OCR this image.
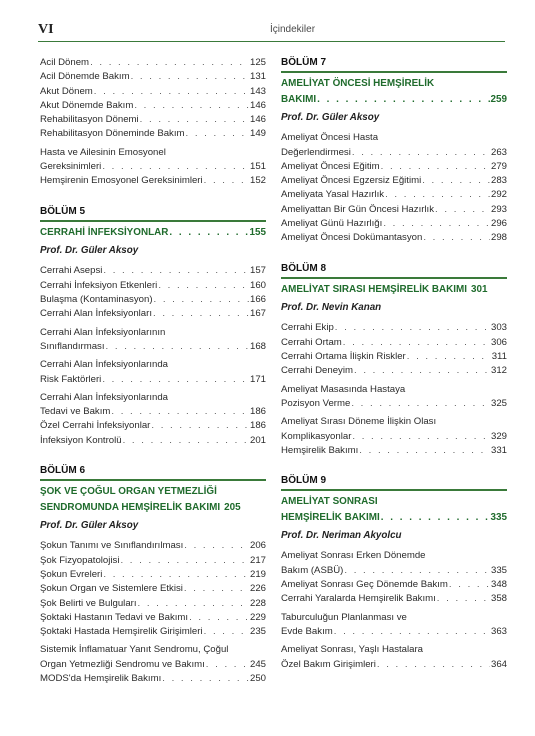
VI	İçindekiler
Acil Dönem . . .	125
Acil Dönemde Bakım . . .	131
Akut Dönem . . .	143
Akut Dönemde Bakım . . .	146
Rehabilitasyon Dönemi . . .	146
Rehabilitasyon Döneminde Bakım . . .	149
Hasta ve Ailesinin Emosyonel
Gereksinimleri . . .	151
Hemşirenin Emosyonel Gereksinimleri . . .	152
BÖLÜM 5
CERRAHİ İNFEKSİYONLAR . . .	155
Prof. Dr. Güler Aksoy
Cerrahi Asepsi . . .	157
Cerrahi İnfeksiyon Etkenleri . . .	160
Bulaşma (Kontaminasyon) . . .	166
Cerrahi Alan İnfeksiyonları . . .	167
Cerrahi Alan İnfeksiyonlarının
Sınıflandırması . . .	168
Cerrahi Alan İnfeksiyonlarında
Risk Faktörleri . . .	171
Cerrahi Alan İnfeksiyonlarında
Tedavi ve Bakım . . .	186
Özel Cerrahi İnfeksiyonlar . . .	186
İnfeksiyon Kontrolü . . .	201
BÖLÜM 6
ŞOK VE ÇOĞUL ORGAN YETMEZLİĞİ
SENDROMUNDA HEMŞİRELİK BAKIMI 205
Prof. Dr. Güler Aksoy
Şokun Tanımı ve Sınıflandırılması . . .	206
Şok Fizyopatolojisi . . .	217
Şokun Evreleri . . .	219
Şokun Organ ve Sistemlere Etkisi . . .	226
Şok Belirti ve Bulguları . . .	228
Şoktaki Hastanın Tedavi ve Bakımı . . .	229
Şoktaki Hastada Hemşirelik Girişimleri . . .	235
Sistemik İnflamatuar Yanıt Sendromu, Çoğul
Organ Yetmezliği Sendromu ve Bakımı . . .	245
MODS'da Hemşirelik Bakımı . . .	250
BÖLÜM 7
AMELİYAT ÖNCESİ HEMŞİRELİK
BAKIMI . . .	259
Prof. Dr. Güler Aksoy
Ameliyat Öncesi Hasta
Değerlendirmesi . . .	263
Ameliyat Öncesi Eğitim . . .	279
Ameliyat Öncesi Egzersiz Eğitimi . . .	283
Ameliyata Yasal Hazırlık . . .	292
Ameliyattan Bir Gün Öncesi Hazırlık . . .	293
Ameliyat Günü Hazırlığı . . .	296
Ameliyat Öncesi Dokümantasyon . . .	298
BÖLÜM 8
AMELİYAT SIRASI HEMŞİRELİK BAKIMI 301
Prof. Dr. Nevin Kanan
Cerrahi Ekip . . .	303
Cerrahi Ortam . . .	306
Cerrahi Ortama İlişkin Riskler . . .	311
Cerrahi Deneyim . . .	312
Ameliyat Masasında Hastaya
Pozisyon Verme . . .	325
Ameliyat Sırası Döneme İlişkin Olası
Komplikasyonlar . . .	329
Hemşirelik Bakımı . . .	331
BÖLÜM 9
AMELİYAT SONRASI
HEMŞİRELİK BAKIMI . . .	335
Prof. Dr. Neriman Akyolcu
Ameliyat Sonrası Erken Dönemde
Bakım (ASBÜ) . . .	335
Ameliyat Sonrası Geç Dönemde Bakım . . .	348
Cerrahi Yaralarda Hemşirelik Bakımı . . .	358
Taburculuğun Planlanması ve
Evde Bakım . . .	363
Ameliyat Sonrası, Yaşlı Hastalara
Özel Bakım Girişimleri . . .	364
